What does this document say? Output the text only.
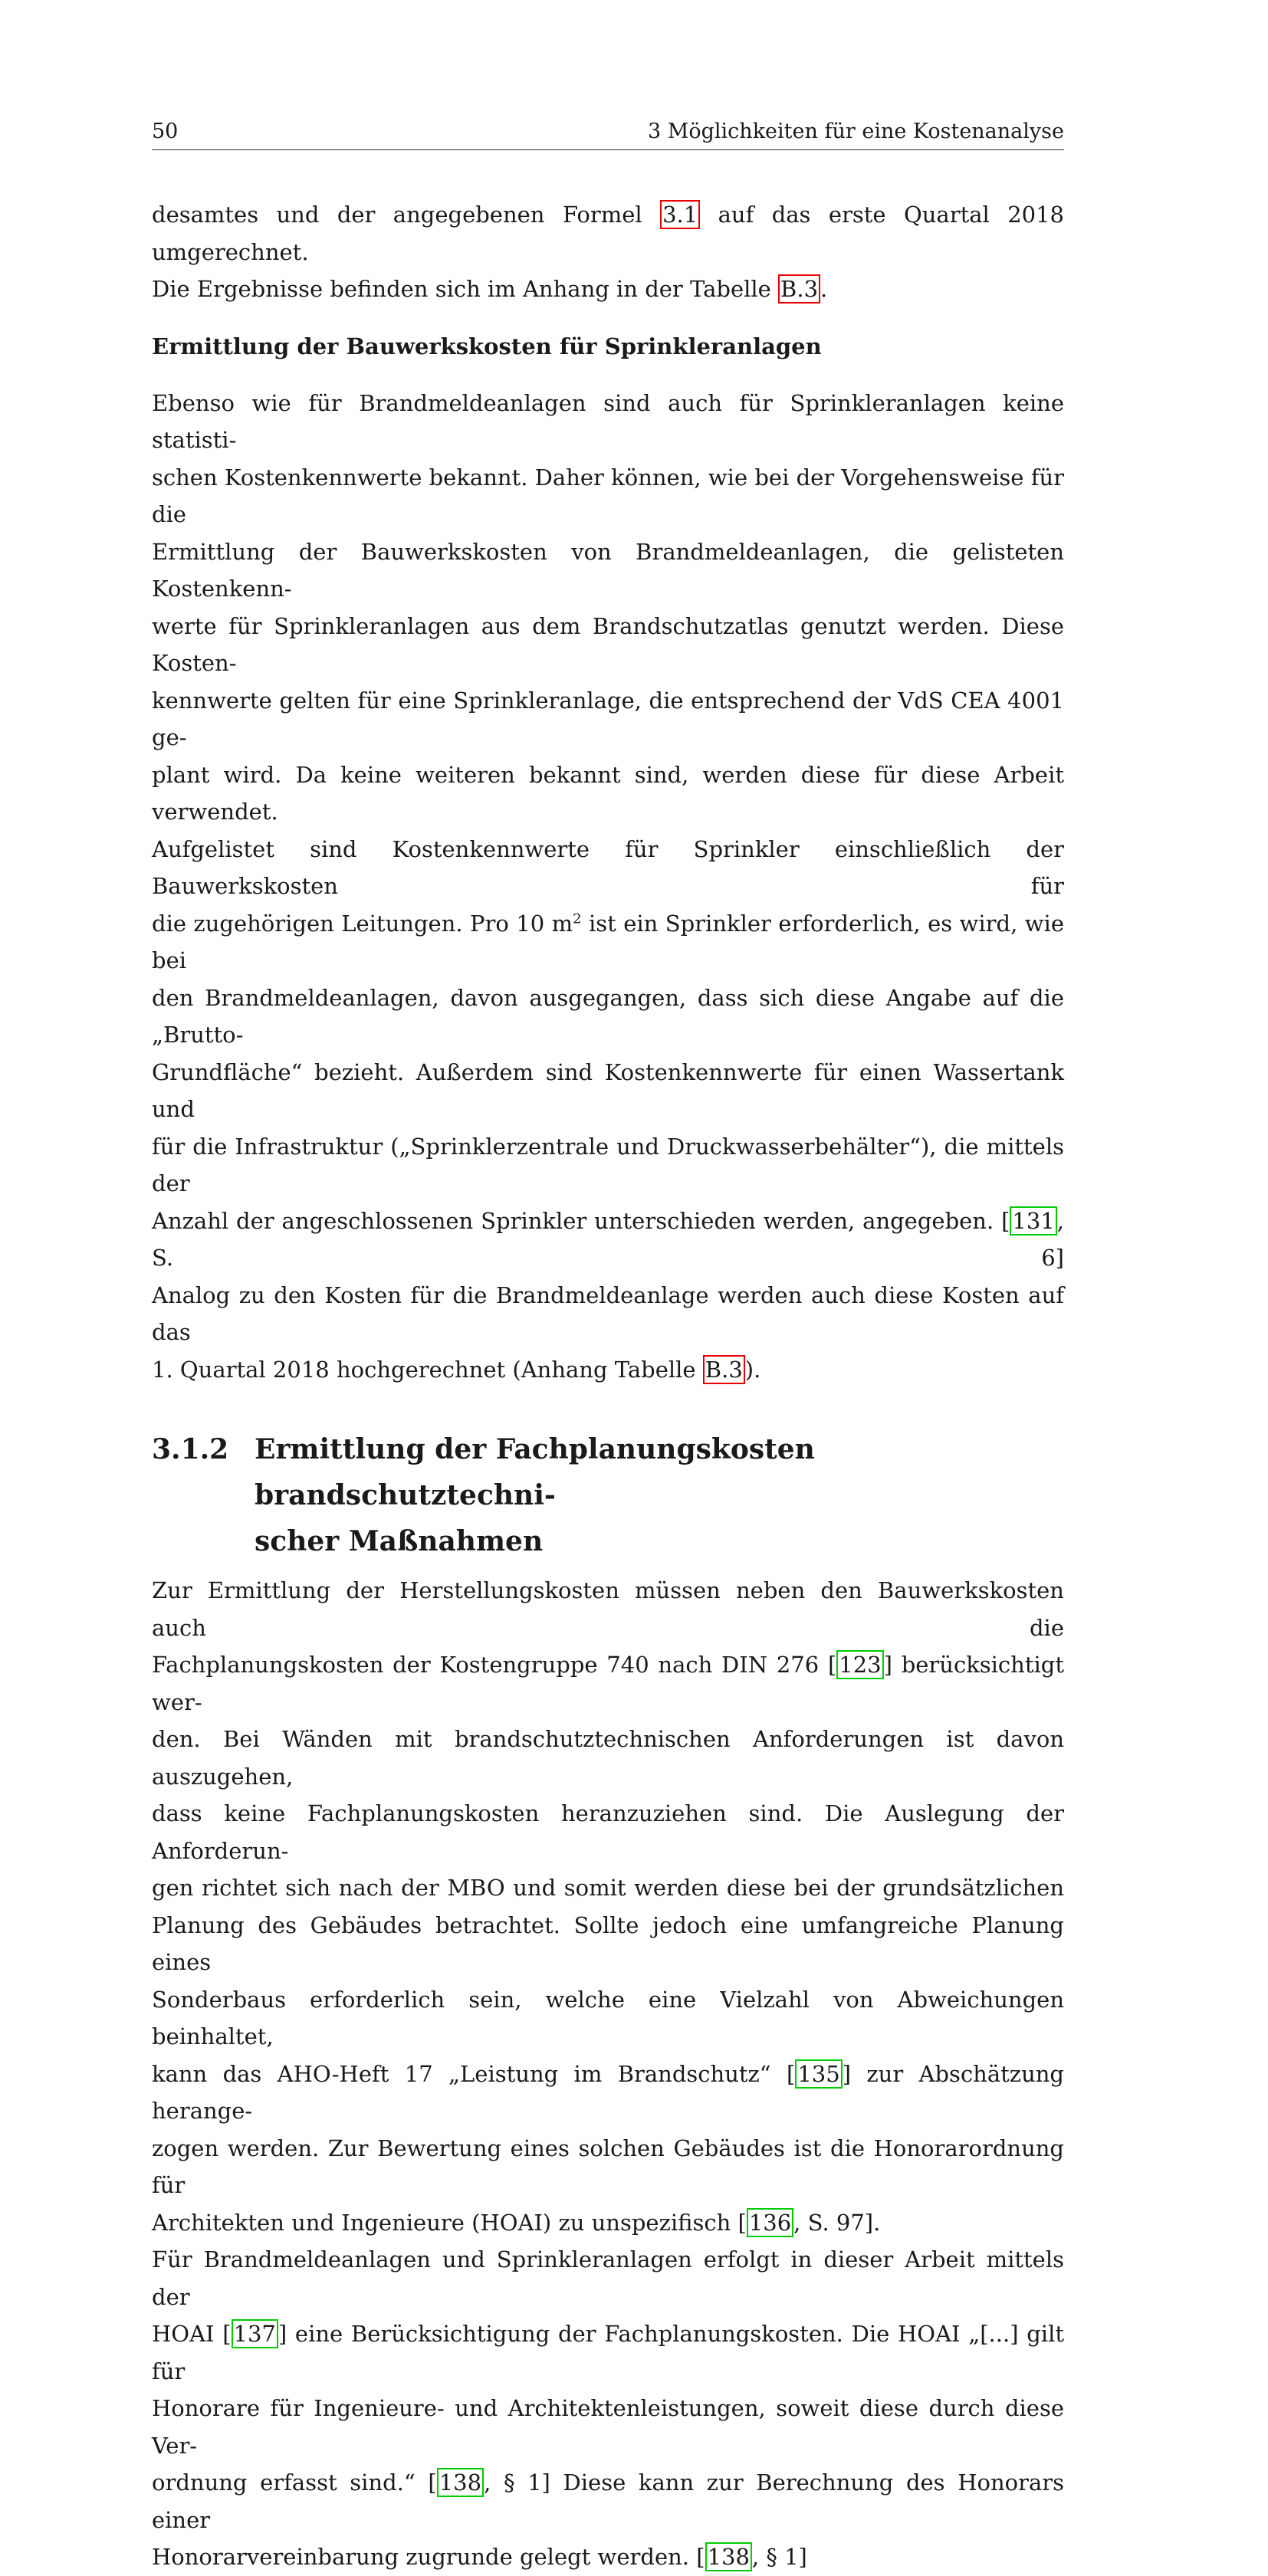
50	3 Möglichkeiten für eine Kostenanalyse

desamtes und der angegebenen Formel 3.1 auf das erste Quartal 2018 umgerechnet.
Die Ergebnisse befinden sich im Anhang in der Tabelle B.3 .

Ermittlung der Bauwerkskosten für Sprinkleranlagen

Ebenso wie für Brandmeldeanlagen sind auch für Sprinkleranlagen keine statisti-
schen Kostenkennwerte bekannt. Daher können, wie bei der Vorgehensweise für die
Ermittlung der Bauwerkskosten von Brandmeldeanlagen, die gelisteten Kostenkenn-
werte für Sprinkleranlagen aus dem Brandschutzatlas genutzt werden. Diese Kosten-
kennwerte gelten für eine Sprinkleranlage, die entsprechend der VdS CEA 4001 ge-
plant wird. Da keine weiteren bekannt sind, werden diese für diese Arbeit verwendet.
Aufgelistet sind Kostenkennwerte für Sprinkler einschließlich der Bauwerkskosten für
die zugehörigen Leitungen. Pro 10 $m^2$ ist ein Sprinkler erforderlich, es wird, wie bei
den Brandmeldeanlagen, davon ausgegangen, dass sich diese Angabe auf die „Brutto-
Grundfläche“ bezieht. Außerdem sind Kostenkennwerte für einen Wassertank und
für die Infrastruktur („Sprinklerzentrale und Druckwasserbehälter“), die mittels der
Anzahl der angeschlossenen Sprinkler unterschieden werden, angegeben. [ 131 , S. 6]
Analog zu den Kosten für die Brandmeldeanlage werden auch diese Kosten auf das
1. Quartal 2018 hochgerechnet (Anhang Tabelle B.3 ).

3.1.2 Ermittlung der Fachplanungskosten brandschutztechni-
scher Maßnahmen

Zur Ermittlung der Herstellungskosten müssen neben den Bauwerkskosten auch die
Fachplanungskosten der Kostengruppe 740 nach DIN 276 [ 123 ] berücksichtigt wer-
den. Bei Wänden mit brandschutztechnischen Anforderungen ist davon auszugehen,
dass keine Fachplanungskosten heranzuziehen sind. Die Auslegung der Anforderun-
gen richtet sich nach der MBO und somit werden diese bei der grundsätzlichen
Planung des Gebäudes betrachtet. Sollte jedoch eine umfangreiche Planung eines
Sonderbaus erforderlich sein, welche eine Vielzahl von Abweichungen beinhaltet,
kann das AHO-Heft 17 „Leistung im Brandschutz“ [ 135 ] zur Abschätzung herange-
zogen werden. Zur Bewertung eines solchen Gebäudes ist die Honorarordnung für
Architekten und Ingenieure (HOAI) zu unspezifisch [ 136 , S. 97].

Für Brandmeldeanlagen und Sprinkleranlagen erfolgt in dieser Arbeit mittels der
HOAI [ 137 ] eine Berücksichtigung der Fachplanungskosten. Die HOAI „[...] gilt für
Honorare für Ingenieure- und Architektenleistungen, soweit diese durch diese Ver-
ordnung erfasst sind.“ [ 138 , § 1] Diese kann zur Berechnung des Honorars einer
Honorarvereinbarung zugrunde gelegt werden. [ 138 , § 1]
